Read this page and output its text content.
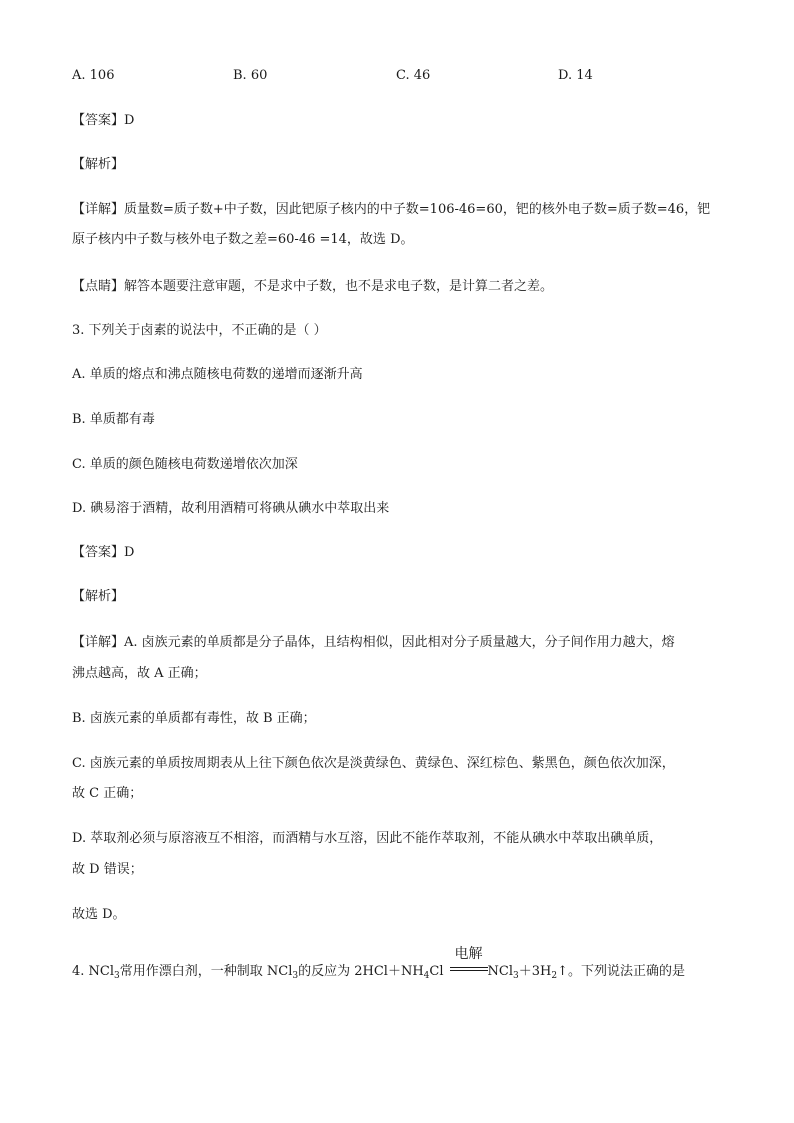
A. 106	B. 60	C. 46	D. 14
【答案】D
【解析】
【详解】质量数=质子数+中子数，因此钯原子核内的中子数=106-46=60，钯的核外电子数=质子数=46，钯
原子核内中子数与核外电子数之差=60-46 =14，故选 D。
【点睛】解答本题要注意审题，不是求中子数，也不是求电子数，是计算二者之差。
3. 下列关于卤素的说法中，不正确的是（ ）
A. 单质的熔点和沸点随核电荷数的递增而逐渐升高
B. 单质都有毒
C. 单质的颜色随核电荷数递增依次加深
D. 碘易溶于酒精，故利用酒精可将碘从碘水中萃取出来
【答案】D
【解析】
【详解】A. 卤族元素的单质都是分子晶体，且结构相似，因此相对分子质量越大，分子间作用力越大，熔
沸点越高，故 A 正确；
B. 卤族元素的单质都有毒性，故 B 正确；
C. 卤族元素的单质按周期表从上往下颜色依次是淡黄绿色、黄绿色、深红棕色、紫黑色，颜色依次加深，
故 C 正确；
D. 萃取剂必须与原溶液互不相溶，而酒精与水互溶，因此不能作萃取剂，不能从碘水中萃取出碘单质，
故 D 错误；
故选 D。
4. NCl$_3$常用作漂白剂，一种制取 NCl$_3$的反应为 $2HCl+NH_4Cl$
电解
$NCl_3+3H_2↑$。下列说法正确的是
